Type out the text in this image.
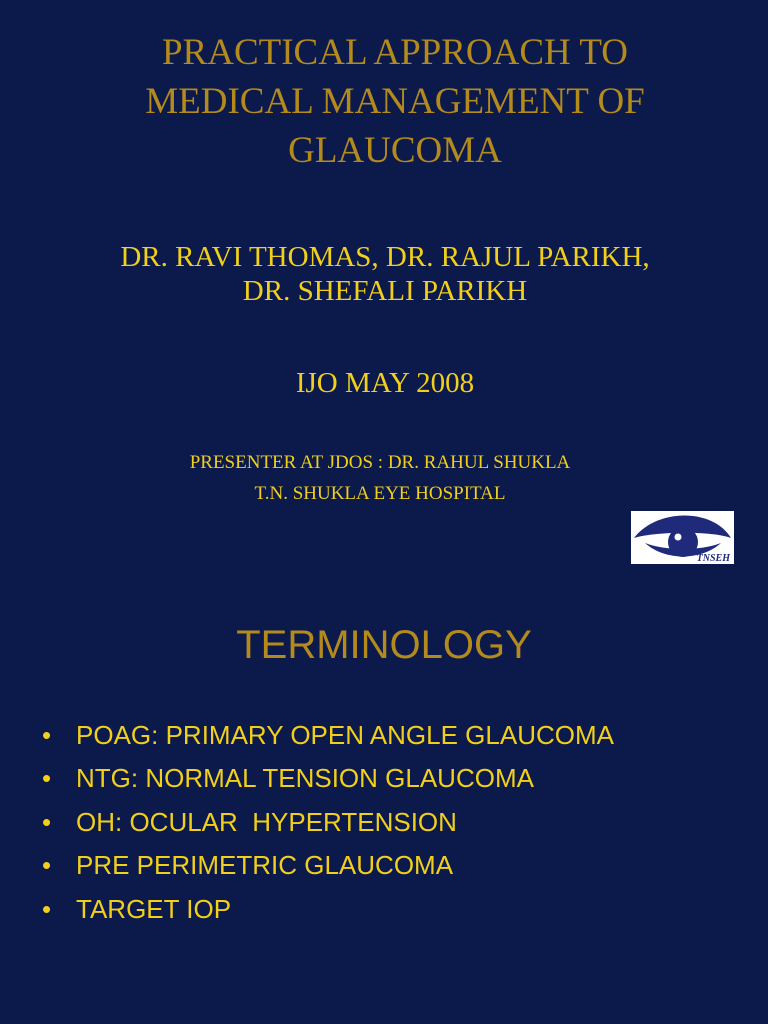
PRACTICAL APPROACH TO
MEDICAL MANAGEMENT OF
GLAUCOMA
DR. RAVI THOMAS, DR. RAJUL PARIKH,
DR. SHEFALI PARIKH
IJO MAY 2008
PRESENTER AT JDOS : DR. RAHUL SHUKLA
T.N. SHUKLA EYE HOSPITAL
TNSEH
TERMINOLOGY
• POAG: PRIMARY OPEN ANGLE GLAUCOMA
• NTG: NORMAL TENSION GLAUCOMA
• OH: OCULAR  HYPERTENSION
• PRE PERIMETRIC GLAUCOMA
• TARGET IOP
